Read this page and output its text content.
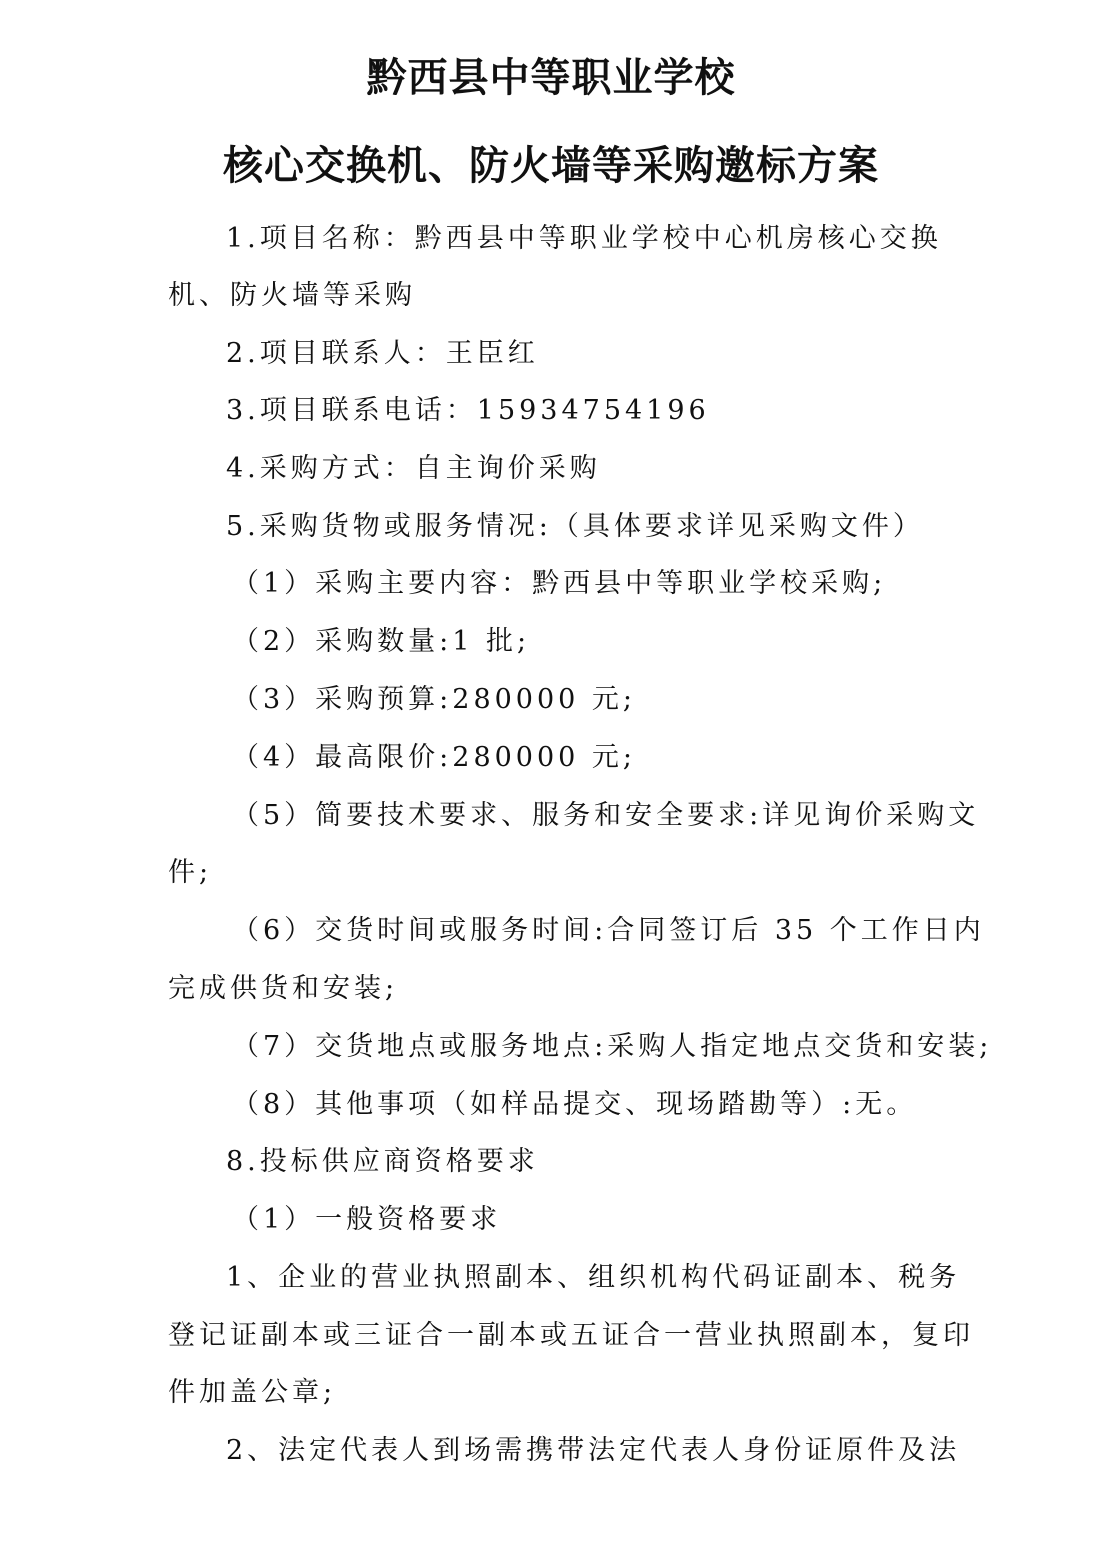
黔西县中等职业学校
核心交换机、防火墙等采购邀标方案
1.项目名称：黔西县中等职业学校中心机房核心交换
机、防火墙等采购
2.项目联系人：王臣红
3.项目联系电话：15934754196
4.采购方式：自主询价采购
5.采购货物或服务情况:（具体要求详见采购文件）
（1）采购主要内容：黔西县中等职业学校采购;
（2）采购数量:1 批;
（3）采购预算:280000 元;
（4）最高限价:280000 元;
（5）简要技术要求、服务和安全要求:详见询价采购文
件;
（6）交货时间或服务时间:合同签订后 35 个工作日内
完成供货和安装;
（7）交货地点或服务地点:采购人指定地点交货和安装;
（8）其他事项（如样品提交、现场踏勘等）:无。
8.投标供应商资格要求
（1）一般资格要求
1、企业的营业执照副本、组织机构代码证副本、税务
登记证副本或三证合一副本或五证合一营业执照副本，复印
件加盖公章;
2、法定代表人到场需携带法定代表人身份证原件及法
